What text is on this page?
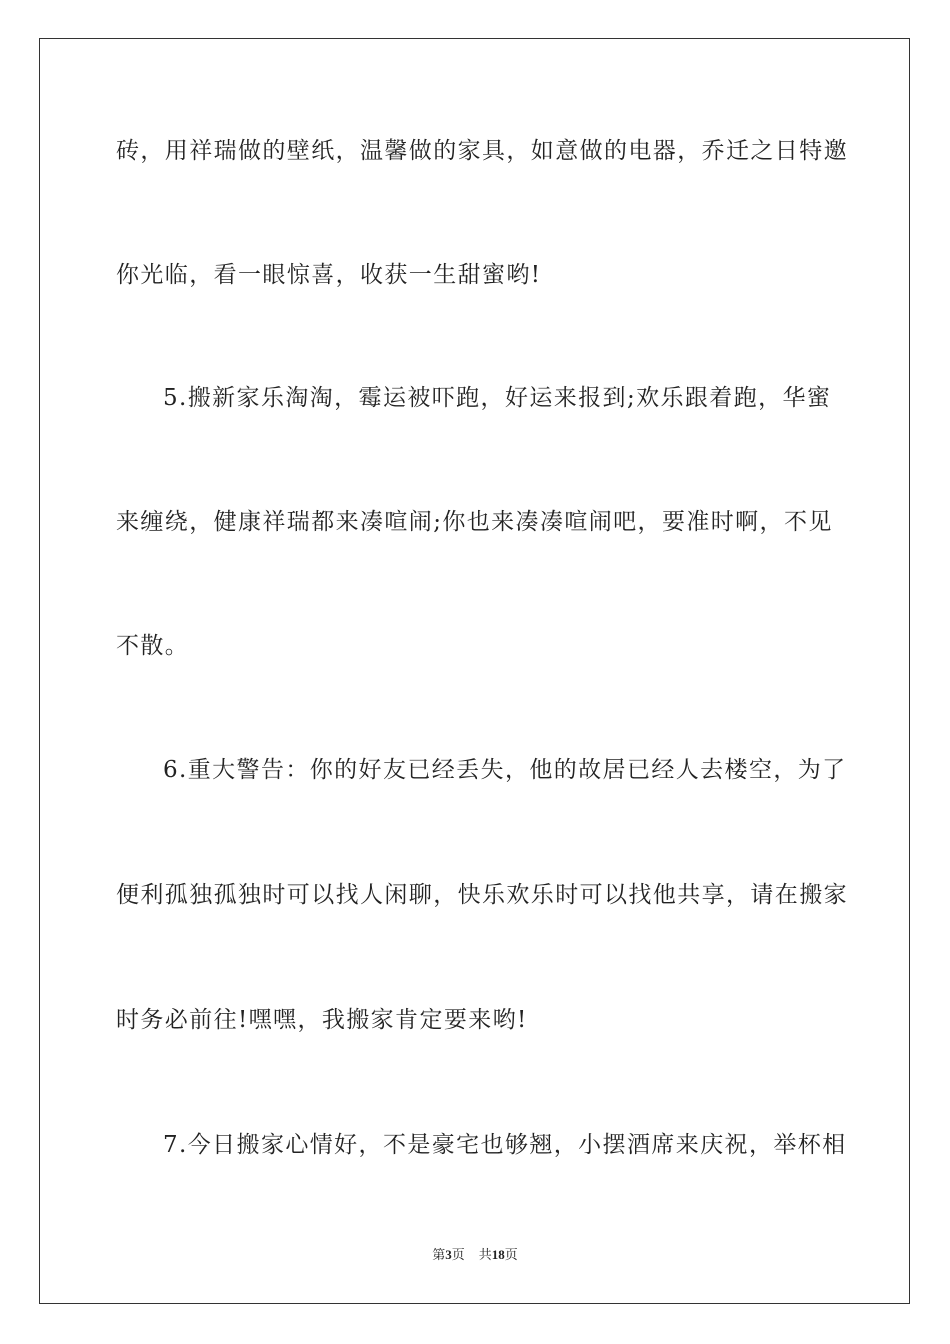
砖，用祥瑞做的壁纸，温馨做的家具，如意做的电器，乔迁之日特邀
你光临，看一眼惊喜，收获一生甜蜜哟!
5.搬新家乐淘淘，霉运被吓跑，好运来报到;欢乐跟着跑，华蜜
来缠绕，健康祥瑞都来凑喧闹;你也来凑凑喧闹吧，要准时啊，不见
不散。
6.重大警告：你的好友已经丢失，他的故居已经人去楼空，为了
便利孤独孤独时可以找人闲聊，快乐欢乐时可以找他共享，请在搬家
时务必前往!嘿嘿，我搬家肯定要来哟!
7.今日搬家心情好，不是豪宅也够翘，小摆酒席来庆祝，举杯相
第3页 共18页
